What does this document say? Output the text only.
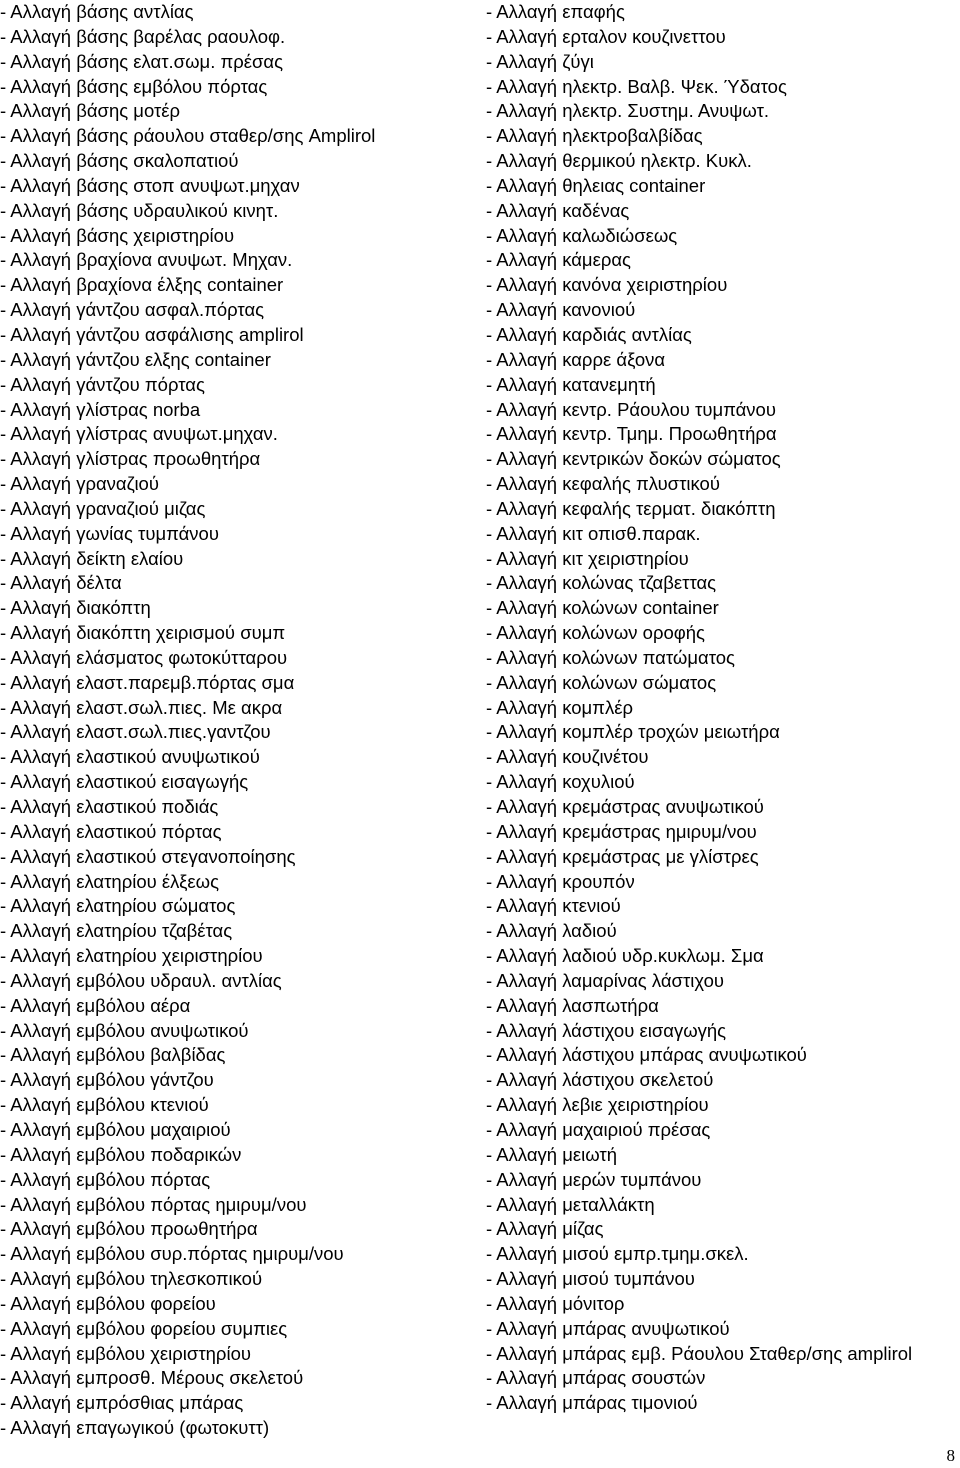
- Αλλαγή βάσης αντλίας
- Αλλαγή βάσης βαρέλας ραουλοφ.
- Αλλαγή βάσης ελατ.σωμ. πρέσας
- Αλλαγή βάσης εμβόλου πόρτας
- Αλλαγή βάσης μοτέρ
- Αλλαγή βάσης ράουλου σταθερ/σης Amplirol
- Αλλαγή βάσης σκαλοπατιού
- Αλλαγή βάσης στοπ ανυψωτ.μηχαν
- Αλλαγή βάσης υδραυλικού κινητ.
- Αλλαγή βάσης χειριστηρίου
- Αλλαγή βραχίονα ανυψωτ. Μηχαν.
- Αλλαγή βραχίονα έλξης container
- Αλλαγή γάντζου ασφαλ.πόρτας
- Αλλαγή γάντζου ασφάλισης amplirol
- Αλλαγή γάντζου ελξης container
- Αλλαγή γάντζου πόρτας
- Αλλαγή γλίστρας norba
- Αλλαγή γλίστρας ανυψωτ.μηχαν.
- Αλλαγή γλίστρας προωθητήρα
- Αλλαγή γραναζιού
- Αλλαγή γραναζιού μιζας
- Αλλαγή γωνίας τυμπάνου
- Αλλαγή δείκτη ελαίου
- Αλλαγή δέλτα
- Αλλαγή διακόπτη
- Αλλαγή διακόπτη χειρισμού συμπ
- Αλλαγή ελάσματος φωτοκύτταρου
- Αλλαγή ελαστ.παρεμβ.πόρτας σμα
- Αλλαγή ελαστ.σωλ.πιες. Με ακρα
- Αλλαγή ελαστ.σωλ.πιες.γαντζου
- Αλλαγή ελαστικού ανυψωτικού
- Αλλαγή ελαστικού εισαγωγής
- Αλλαγή ελαστικού ποδιάς
- Αλλαγή ελαστικού πόρτας
- Αλλαγή ελαστικού στεγανοποίησης
- Αλλαγή ελατηρίου έλξεως
- Αλλαγή ελατηρίου σώματος
- Αλλαγή ελατηρίου τζαβέτας
- Αλλαγή ελατηρίου χειριστηρίου
- Αλλαγή εμβόλου υδραυλ. αντλίας
- Αλλαγή εμβόλου αέρα
- Αλλαγή εμβόλου ανυψωτικού
- Αλλαγή εμβόλου βαλβίδας
- Αλλαγή εμβόλου γάντζου
- Αλλαγή εμβόλου κτενιού
- Αλλαγή εμβόλου μαχαιριού
- Αλλαγή εμβόλου ποδαρικών
- Αλλαγή εμβόλου πόρτας
- Αλλαγή εμβόλου πόρτας ημιρυμ/νου
- Αλλαγή εμβόλου προωθητήρα
- Αλλαγή εμβόλου συρ.πόρτας ημιρυμ/νου
- Αλλαγή εμβόλου τηλεσκοπικού
- Αλλαγή εμβόλου φορείου
- Αλλαγή εμβόλου φορείου συμπιες
- Αλλαγή εμβόλου χειριστηρίου
- Αλλαγή εμπροσθ. Μέρους σκελετού
- Αλλαγή εμπρόσθιας μπάρας
- Αλλαγή επαγωγικού (φωτοκυττ)
- Αλλαγή επαφής
- Αλλαγή ερταλον κουζινεττου
- Αλλαγή ζύγι
- Αλλαγή ηλεκτρ. Βαλβ. Ψεκ. Ύδατος
- Αλλαγή ηλεκτρ. Συστημ. Ανυψωτ.
- Αλλαγή ηλεκτροβαλβίδας
- Αλλαγή θερμικού ηλεκτρ. Κυκλ.
- Αλλαγή θηλειας container
- Αλλαγή καδένας
- Αλλαγή καλωδιώσεως
- Αλλαγή κάμερας
- Αλλαγή κανόνα χειριστηρίου
- Αλλαγή κανονιού
- Αλλαγή καρδιάς αντλίας
- Αλλαγή καρρε άξονα
- Αλλαγή κατανεμητή
- Αλλαγή κεντρ. Ράουλου τυμπάνου
- Αλλαγή κεντρ. Τμημ. Προωθητήρα
- Αλλαγή κεντρικών δοκών σώματος
- Αλλαγή κεφαλής πλυστικού
- Αλλαγή κεφαλής τερματ. διακόπτη
- Αλλαγή κιτ οπισθ.παρακ.
- Αλλαγή κιτ χειριστηρίου
- Αλλαγή κολώνας τζαβεττας
- Αλλαγή κολώνων container
- Αλλαγή κολώνων οροφής
- Αλλαγή κολώνων πατώματος
- Αλλαγή κολώνων σώματος
- Αλλαγή κομπλέρ
- Αλλαγή κομπλέρ τροχών μειωτήρα
- Αλλαγή κουζινέτου
- Αλλαγή κοχυλιού
- Αλλαγή κρεμάστρας ανυψωτικού
- Αλλαγή κρεμάστρας ημιρυμ/νου
- Αλλαγή κρεμάστρας με γλίστρες
- Αλλαγή κρουπόν
- Αλλαγή κτενιού
- Αλλαγή λαδιού
- Αλλαγή λαδιού υδρ.κυκλωμ. Σμα
- Αλλαγή λαμαρίνας λάστιχου
- Αλλαγή λασπωτήρα
- Αλλαγή λάστιχου εισαγωγής
- Αλλαγή λάστιχου μπάρας ανυψωτικού
- Αλλαγή λάστιχου σκελετού
- Αλλαγή λεβιε χειριστηρίου
- Αλλαγή μαχαιριού πρέσας
- Αλλαγή μειωτή
- Αλλαγή μερών τυμπάνου
- Αλλαγή μεταλλάκτη
- Αλλαγή μίζας
- Αλλαγή μισού εμπρ.τμημ.σκελ.
- Αλλαγή μισού τυμπάνου
- Αλλαγή μόνιτορ
- Αλλαγή μπάρας ανυψωτικού
- Αλλαγή μπάρας εμβ. Ράουλου Σταθερ/σης amplirol
- Αλλαγή μπάρας σουστών
- Αλλαγή μπάρας τιμονιού
8
